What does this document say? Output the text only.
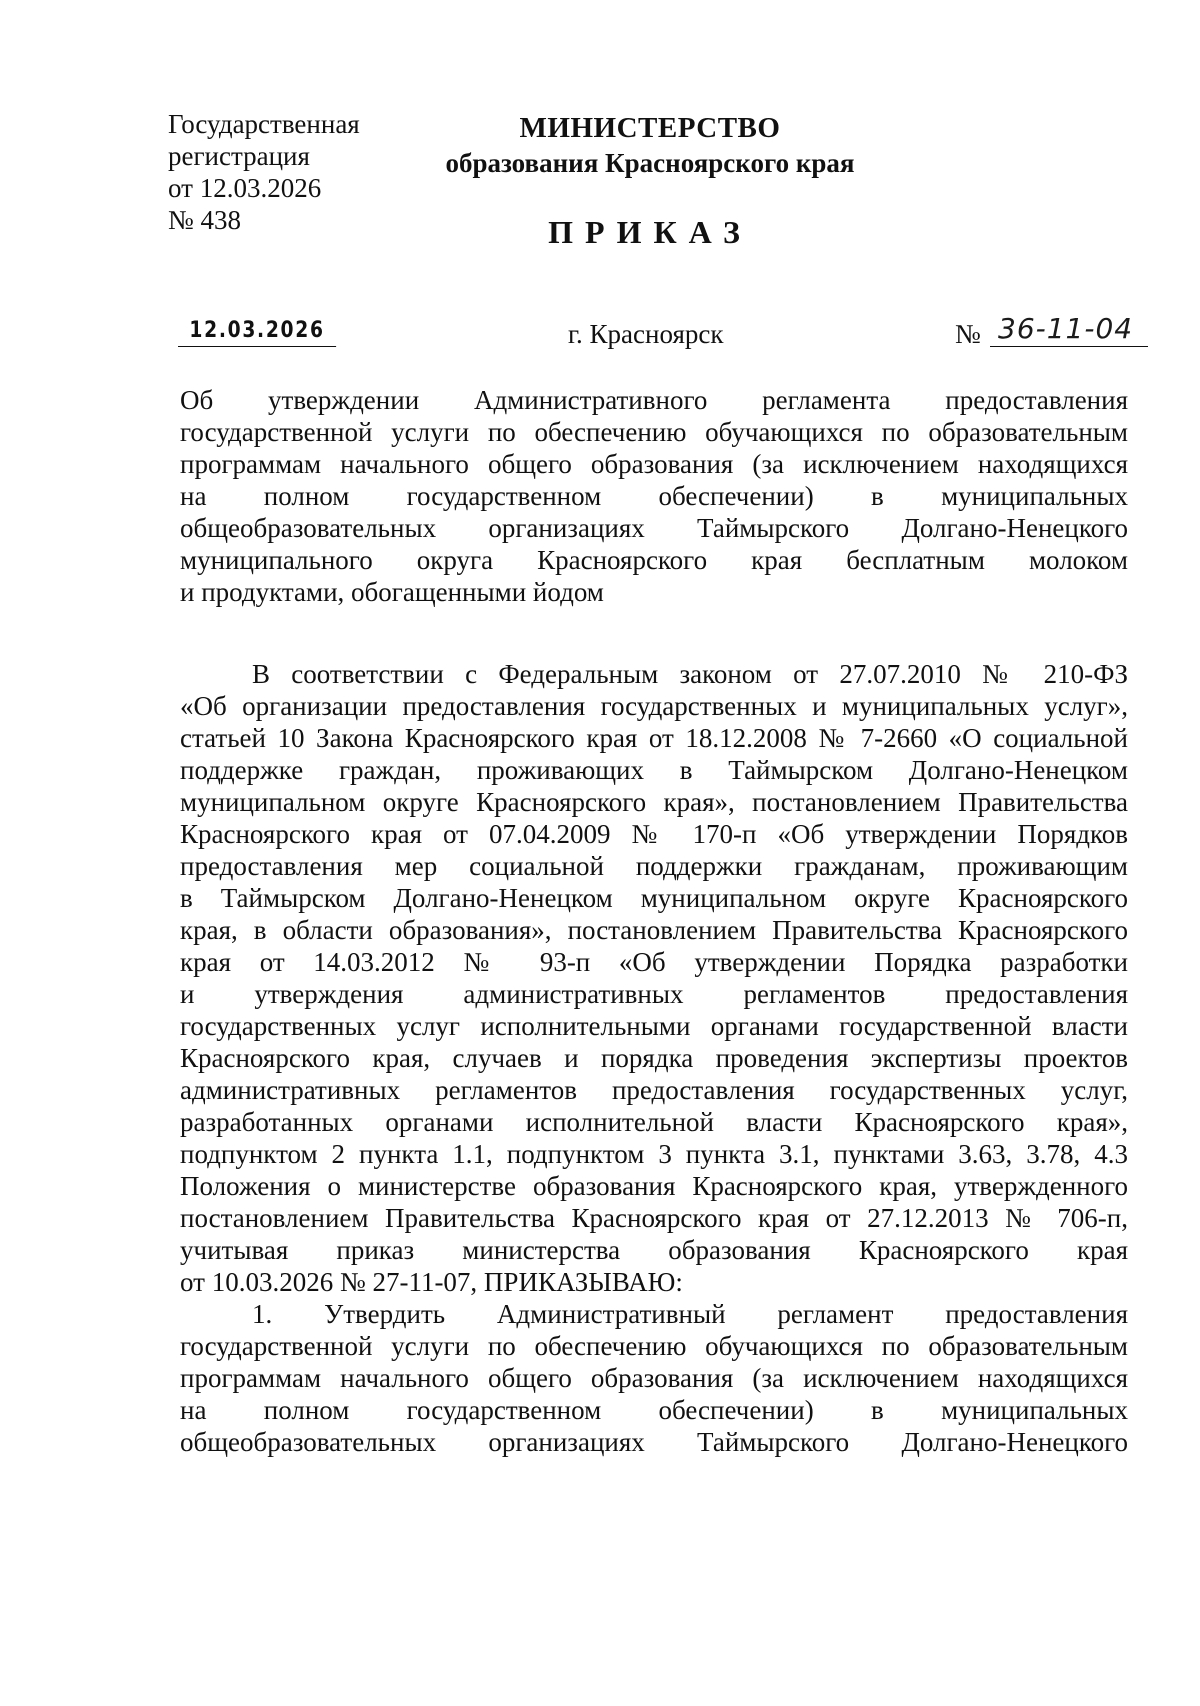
Государственная
регистрация
от 12.03.2026
№ 438
МИНИСТЕРСТВО
образования Красноярского края
ПРИКАЗ
12.03.2026	г. Красноярск	№ 36-11-04
Об утверждении Административного регламента предоставления
государственной услуги по обеспечению обучающихся по образовательным
программам начального общего образования (за исключением находящихся
на полном государственном обеспечении) в муниципальных
общеобразовательных организациях Таймырского Долгано-Ненецкого
муниципального округа Красноярского края бесплатным молоком
и продуктами, обогащенными йодом
В соответствии с Федеральным законом от 27.07.2010 № 210-ФЗ
«Об организации предоставления государственных и муниципальных услуг»,
статьей 10 Закона Красноярского края от 18.12.2008 № 7-2660 «О социальной
поддержке граждан, проживающих в Таймырском Долгано-Ненецком
муниципальном округе Красноярского края», постановлением Правительства
Красноярского края от 07.04.2009 № 170-п «Об утверждении Порядков
предоставления мер социальной поддержки гражданам, проживающим
в Таймырском Долгано-Ненецком муниципальном округе Красноярского
края, в области образования», постановлением Правительства Красноярского
края от 14.03.2012 № 93-п «Об утверждении Порядка разработки
и утверждения административных регламентов предоставления
государственных услуг исполнительными органами государственной власти
Красноярского края, случаев и порядка проведения экспертизы проектов
административных регламентов предоставления государственных услуг,
разработанных органами исполнительной власти Красноярского края»,
подпунктом 2 пункта 1.1, подпунктом 3 пункта 3.1, пунктами 3.63, 3.78, 4.3
Положения о министерстве образования Красноярского края, утвержденного
постановлением Правительства Красноярского края от 27.12.2013 № 706-п,
учитывая приказ министерства образования Красноярского края
от 10.03.2026 № 27-11-07, ПРИКАЗЫВАЮ:
1. Утвердить Административный регламент предоставления
государственной услуги по обеспечению обучающихся по образовательным
программам начального общего образования (за исключением находящихся
на полном государственном обеспечении) в муниципальных
общеобразовательных организациях Таймырского Долгано-Ненецкого
